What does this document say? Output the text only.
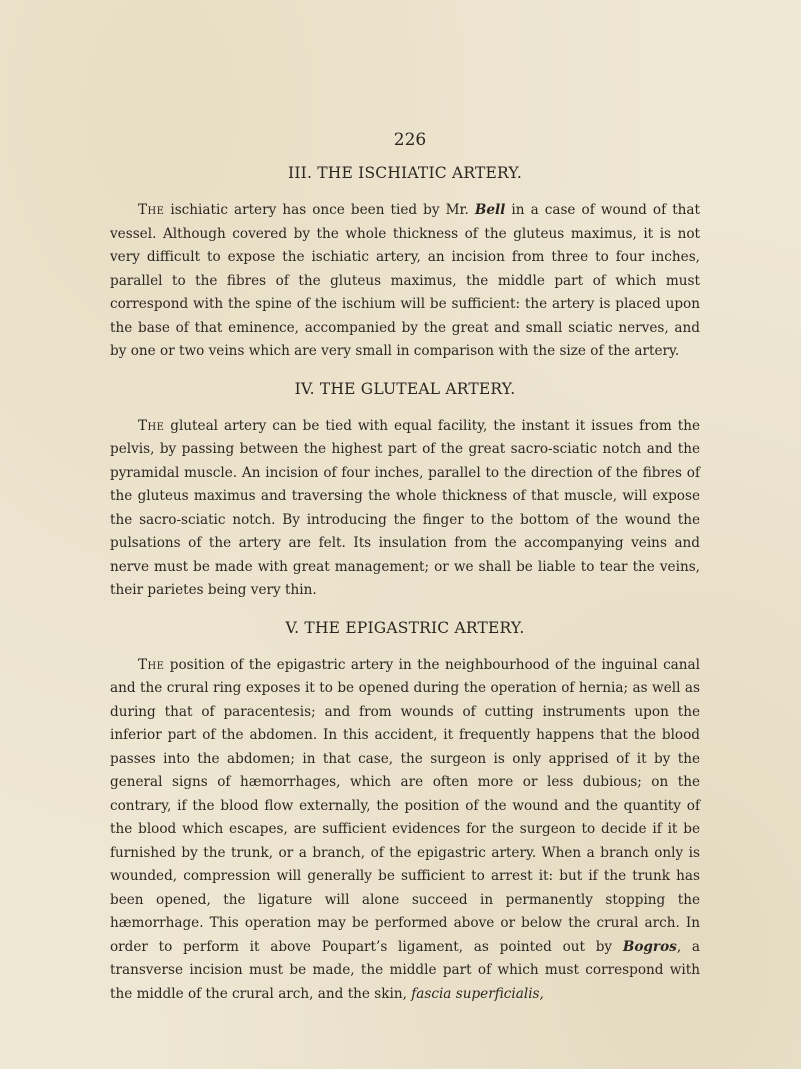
226
III. THE ISCHIATIC ARTERY.

The ischiatic artery has once been tied by Mr. Bell in a case of wound of that vessel. Although covered by the whole thickness of the gluteus maximus, it is not very difficult to expose the ischiatic artery, an incision from three to four inches, parallel to the fibres of the gluteus maximus, the middle part of which must correspond with the spine of the ischium will be sufficient: the artery is placed upon the base of that eminence, accompanied by the great and small sciatic nerves, and by one or two veins which are very small in comparison with the size of the artery.

IV. THE GLUTEAL ARTERY.

The gluteal artery can be tied with equal facility, the instant it issues from the pelvis, by passing between the highest part of the great sacro-sciatic notch and the pyramidal muscle. An incision of four inches, parallel to the direction of the fibres of the gluteus maximus and traversing the whole thickness of that muscle, will expose the sacro-sciatic notch. By introducing the finger to the bottom of the wound the pulsations of the artery are felt. Its insulation from the accompanying veins and nerve must be made with great management; or we shall be liable to tear the veins, their parietes being very thin.

V. THE EPIGASTRIC ARTERY.

The position of the epigastric artery in the neighbourhood of the inguinal canal and the crural ring exposes it to be opened during the operation of hernia; as well as during that of paracentesis; and from wounds of cutting instruments upon the inferior part of the abdomen. In this accident, it frequently happens that the blood passes into the abdomen; in that case, the surgeon is only apprised of it by the general signs of hæmorrhages, which are often more or less dubious; on the contrary, if the blood flow externally, the position of the wound and the quantity of the blood which escapes, are sufficient evidences for the surgeon to decide if it be furnished by the trunk, or a branch, of the epigastric artery. When a branch only is wounded, compression will generally be sufficient to arrest it: but if the trunk has been opened, the ligature will alone succeed in permanently stopping the hæmorrhage. This operation may be performed above or below the crural arch. In order to perform it above Poupart’s ligament, as pointed out by Bogros, a transverse incision must be made, the middle part of which must correspond with the middle of the crural arch, and the skin, fascia superficialis,
